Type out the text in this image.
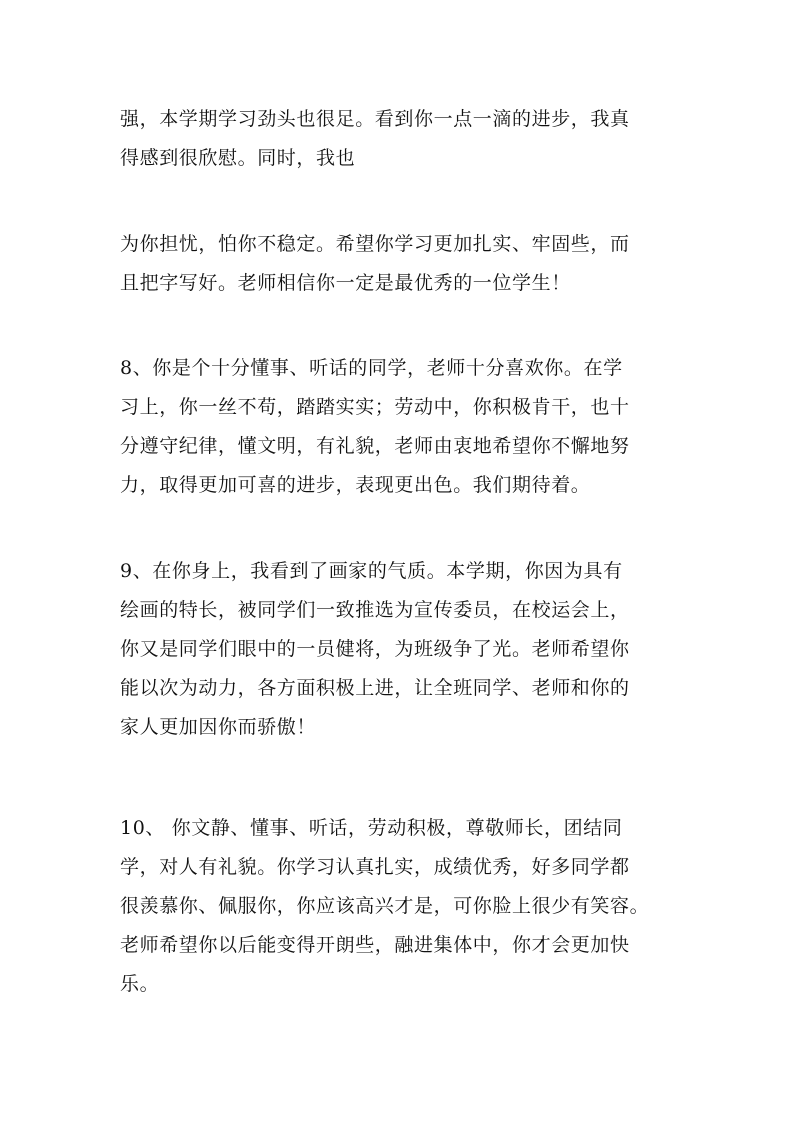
强，本学期学习劲头也很足。看到你一点一滴的进步，我真
得感到很欣慰。同时，我也

为你担忧，怕你不稳定。希望你学习更加扎实、牢固些，而
且把字写好。老师相信你一定是最优秀的一位学生！

8、你是个十分懂事、听话的同学，老师十分喜欢你。在学
习上，你一丝不苟，踏踏实实；劳动中，你积极肯干，也十
分遵守纪律，懂文明，有礼貌，老师由衷地希望你不懈地努
力，取得更加可喜的进步，表现更出色。我们期待着。

9、在你身上，我看到了画家的气质。本学期，你因为具有
绘画的特长，被同学们一致推选为宣传委员，在校运会上，
你又是同学们眼中的一员健将，为班级争了光。老师希望你
能以次为动力，各方面积极上进，让全班同学、老师和你的
家人更加因你而骄傲！

10、 你文静、懂事、听话，劳动积极，尊敬师长，团结同
学，对人有礼貌。你学习认真扎实，成绩优秀，好多同学都
很羡慕你、佩服你，你应该高兴才是，可你脸上很少有笑容。
老师希望你以后能变得开朗些，融进集体中，你才会更加快
乐。
